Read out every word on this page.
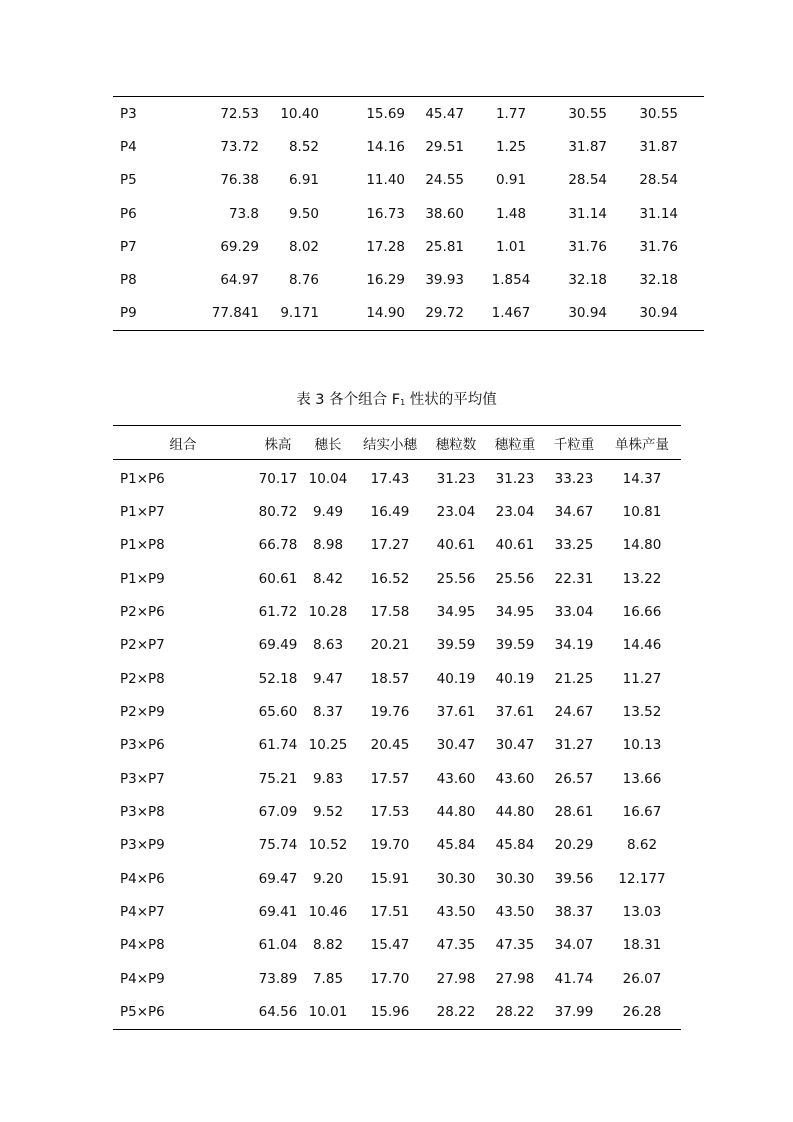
P3	72.53	10.40	15.69	45.47	1.77	30.55	30.55
P4	73.72	8.52	14.16	29.51	1.25	31.87	31.87
P5	76.38	6.91	11.40	24.55	0.91	28.54	28.54
P6	73.8	9.50	16.73	38.60	1.48	31.14	31.14
P7	69.29	8.02	17.28	25.81	1.01	31.76	31.76
P8	64.97	8.76	16.29	39.93	1.854	32.18	32.18
P9	77.841	9.171	14.90	29.72	1.467	30.94	30.94
表 3 各个组合 $F_1$ 性状的平均值
组合	株高	穗长	结实小穗	穗粒数	穗粒重	千粒重	单株产量
P1×P6	70.17	10.04	17.43	31.23	31.23	33.23	14.37
P1×P7	80.72	9.49	16.49	23.04	23.04	34.67	10.81
P1×P8	66.78	8.98	17.27	40.61	40.61	33.25	14.80
P1×P9	60.61	8.42	16.52	25.56	25.56	22.31	13.22
P2×P6	61.72	10.28	17.58	34.95	34.95	33.04	16.66
P2×P7	69.49	8.63	20.21	39.59	39.59	34.19	14.46
P2×P8	52.18	9.47	18.57	40.19	40.19	21.25	11.27
P2×P9	65.60	8.37	19.76	37.61	37.61	24.67	13.52
P3×P6	61.74	10.25	20.45	30.47	30.47	31.27	10.13
P3×P7	75.21	9.83	17.57	43.60	43.60	26.57	13.66
P3×P8	67.09	9.52	17.53	44.80	44.80	28.61	16.67
P3×P9	75.74	10.52	19.70	45.84	45.84	20.29	8.62
P4×P6	69.47	9.20	15.91	30.30	30.30	39.56	12.177
P4×P7	69.41	10.46	17.51	43.50	43.50	38.37	13.03
P4×P8	61.04	8.82	15.47	47.35	47.35	34.07	18.31
P4×P9	73.89	7.85	17.70	27.98	27.98	41.74	26.07
P5×P6	64.56	10.01	15.96	28.22	28.22	37.99	26.28
